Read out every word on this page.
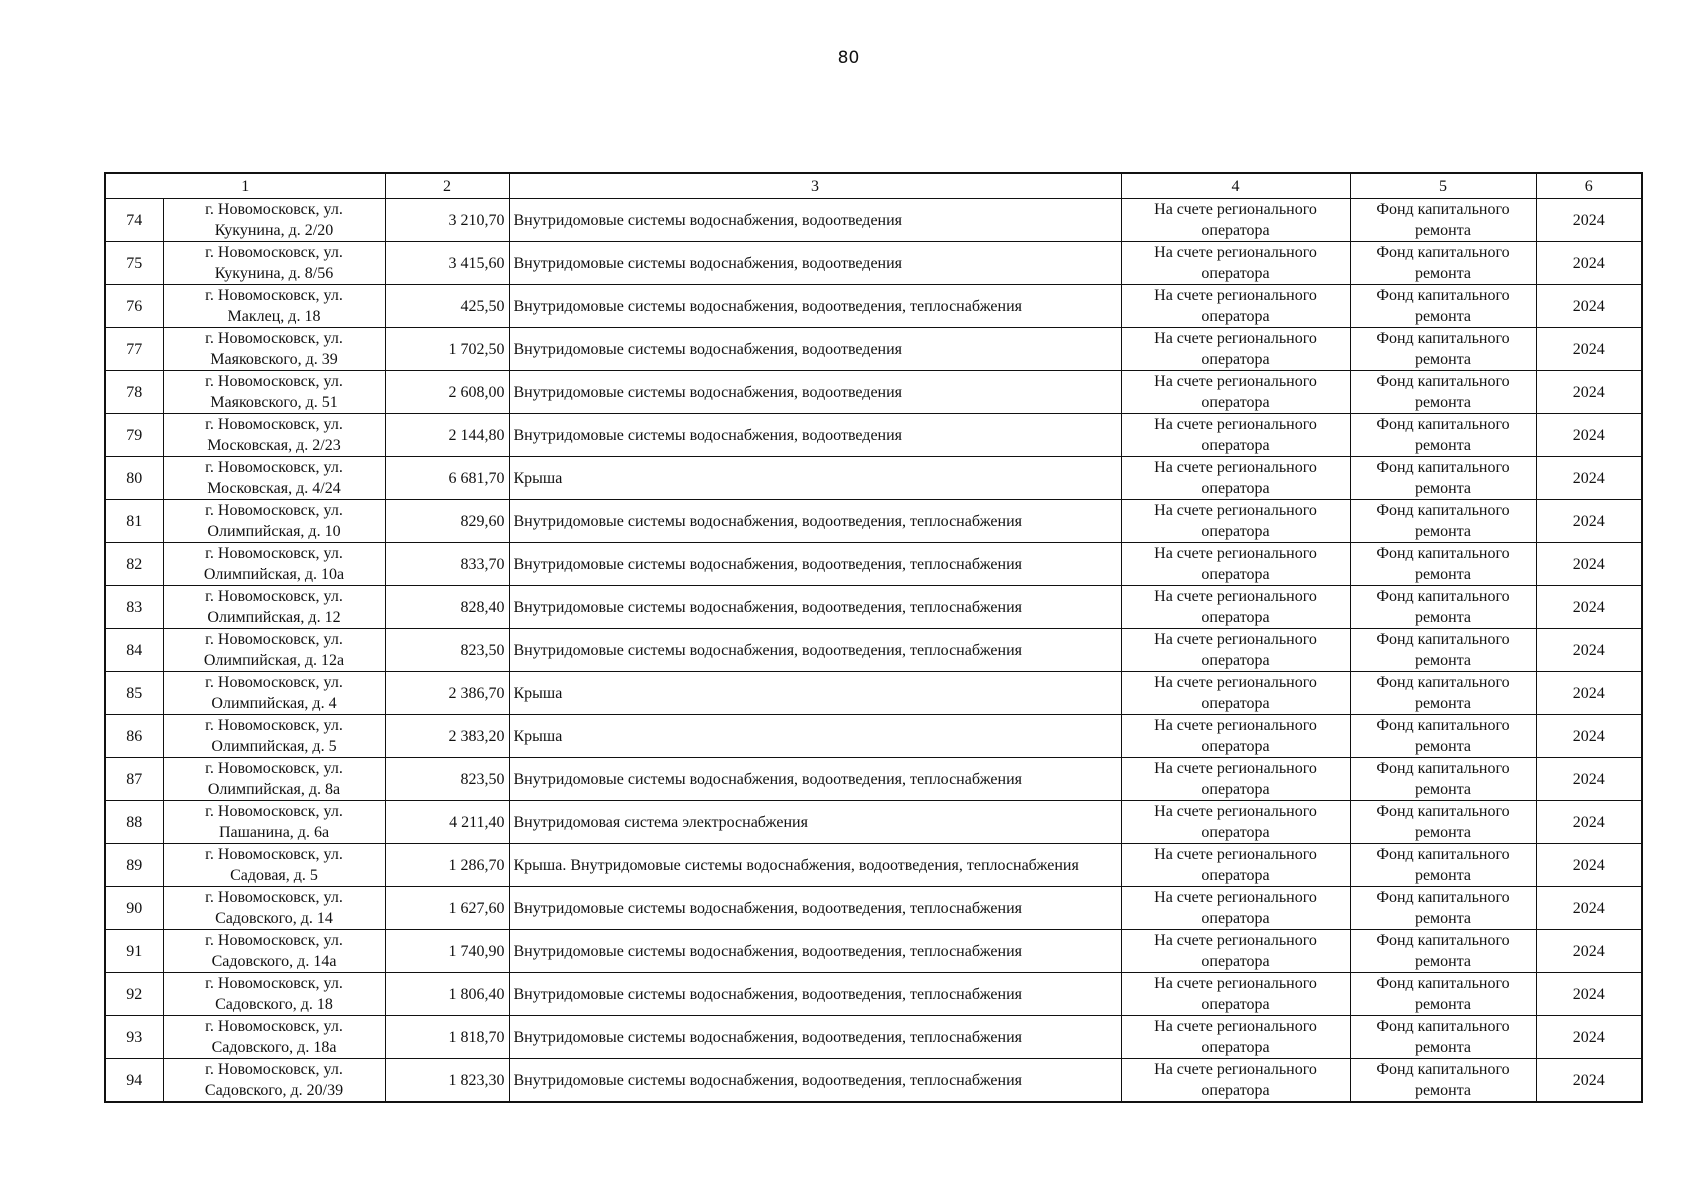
80
1		2	3	4	5	6
74	г. Новомосковск, ул.
Кукунина, д. 2/20	3 210,70	Внутридомовые системы водоснабжения, водоотведения	На счете регионального
оператора	Фонд капитального
ремонта	2024
75	г. Новомосковск, ул.
Кукунина, д. 8/56	3 415,60	Внутридомовые системы водоснабжения, водоотведения	На счете регионального
оператора	Фонд капитального
ремонта	2024
76	г. Новомосковск, ул.
Маклец, д. 18	425,50	Внутридомовые системы водоснабжения, водоотведения, теплоснабжения	На счете регионального
оператора	Фонд капитального
ремонта	2024
77	г. Новомосковск, ул.
Маяковского, д. 39	1 702,50	Внутридомовые системы водоснабжения, водоотведения	На счете регионального
оператора	Фонд капитального
ремонта	2024
78	г. Новомосковск, ул.
Маяковского, д. 51	2 608,00	Внутридомовые системы водоснабжения, водоотведения	На счете регионального
оператора	Фонд капитального
ремонта	2024
79	г. Новомосковск, ул.
Московская, д. 2/23	2 144,80	Внутридомовые системы водоснабжения, водоотведения	На счете регионального
оператора	Фонд капитального
ремонта	2024
80	г. Новомосковск, ул.
Московская, д. 4/24	6 681,70	Крыша	На счете регионального
оператора	Фонд капитального
ремонта	2024
81	г. Новомосковск, ул.
Олимпийская, д. 10	829,60	Внутридомовые системы водоснабжения, водоотведения, теплоснабжения	На счете регионального
оператора	Фонд капитального
ремонта	2024
82	г. Новомосковск, ул.
Олимпийская, д. 10а	833,70	Внутридомовые системы водоснабжения, водоотведения, теплоснабжения	На счете регионального
оператора	Фонд капитального
ремонта	2024
83	г. Новомосковск, ул.
Олимпийская, д. 12	828,40	Внутридомовые системы водоснабжения, водоотведения, теплоснабжения	На счете регионального
оператора	Фонд капитального
ремонта	2024
84	г. Новомосковск, ул.
Олимпийская, д. 12а	823,50	Внутридомовые системы водоснабжения, водоотведения, теплоснабжения	На счете регионального
оператора	Фонд капитального
ремонта	2024
85	г. Новомосковск, ул.
Олимпийская, д. 4	2 386,70	Крыша	На счете регионального
оператора	Фонд капитального
ремонта	2024
86	г. Новомосковск, ул.
Олимпийская, д. 5	2 383,20	Крыша	На счете регионального
оператора	Фонд капитального
ремонта	2024
87	г. Новомосковск, ул.
Олимпийская, д. 8а	823,50	Внутридомовые системы водоснабжения, водоотведения, теплоснабжения	На счете регионального
оператора	Фонд капитального
ремонта	2024
88	г. Новомосковск, ул.
Пашанина, д. 6а	4 211,40	Внутридомовая система электроснабжения	На счете регионального
оператора	Фонд капитального
ремонта	2024
89	г. Новомосковск, ул.
Садовая, д. 5	1 286,70	Крыша. Внутридомовые системы водоснабжения, водоотведения, теплоснабжения	На счете регионального
оператора	Фонд капитального
ремонта	2024
90	г. Новомосковск, ул.
Садовского, д. 14	1 627,60	Внутридомовые системы водоснабжения, водоотведения, теплоснабжения	На счете регионального
оператора	Фонд капитального
ремонта	2024
91	г. Новомосковск, ул.
Садовского, д. 14а	1 740,90	Внутридомовые системы водоснабжения, водоотведения, теплоснабжения	На счете регионального
оператора	Фонд капитального
ремонта	2024
92	г. Новомосковск, ул.
Садовского, д. 18	1 806,40	Внутридомовые системы водоснабжения, водоотведения, теплоснабжения	На счете регионального
оператора	Фонд капитального
ремонта	2024
93	г. Новомосковск, ул.
Садовского, д. 18а	1 818,70	Внутридомовые системы водоснабжения, водоотведения, теплоснабжения	На счете регионального
оператора	Фонд капитального
ремонта	2024
94	г. Новомосковск, ул.
Садовского, д. 20/39	1 823,30	Внутридомовые системы водоснабжения, водоотведения, теплоснабжения	На счете регионального
оператора	Фонд капитального
ремонта	2024
